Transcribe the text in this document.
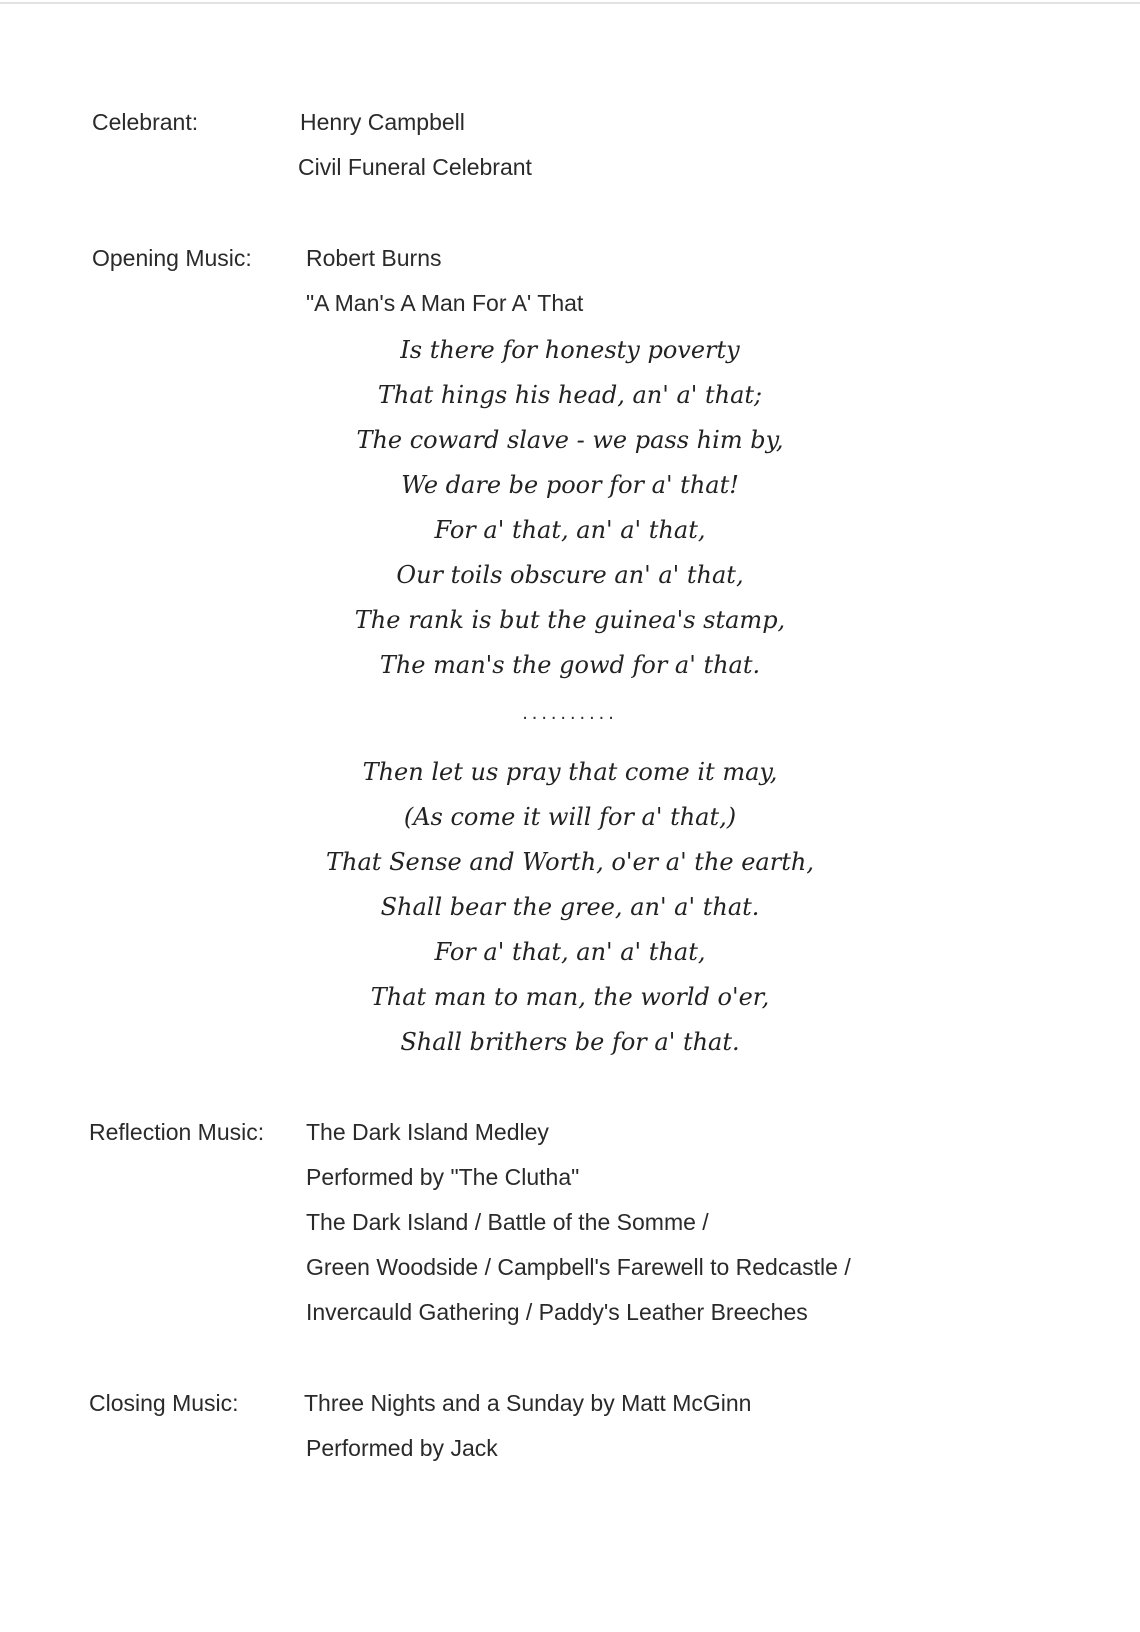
Celebrant:	Henry Campbell
Civil Funeral Celebrant
Opening Music: Robert Burns
"A Man's A Man For A' That
Is there for honesty poverty
That hings his head, an' a' that;
The coward slave - we pass him by,
We dare be poor for a' that!
For a' that, an' a' that,
Our toils obscure an' a' that,
The rank is but the guinea's stamp,
The man's the gowd for a' that.
..........
Then let us pray that come it may,
(As come it will for a' that,)
That Sense and Worth, o'er a' the earth,
Shall bear the gree, an' a' that.
For a' that, an' a' that,
That man to man, the world o'er,
Shall brithers be for a' that.
Reflection Music: The Dark Island Medley
Performed by "The Clutha"
The Dark Island / Battle of the Somme /
Green Woodside / Campbell's Farewell to Redcastle /
Invercauld Gathering / Paddy's Leather Breeches
Closing Music:	Three Nights and a Sunday by Matt McGinn
Performed by Jack
